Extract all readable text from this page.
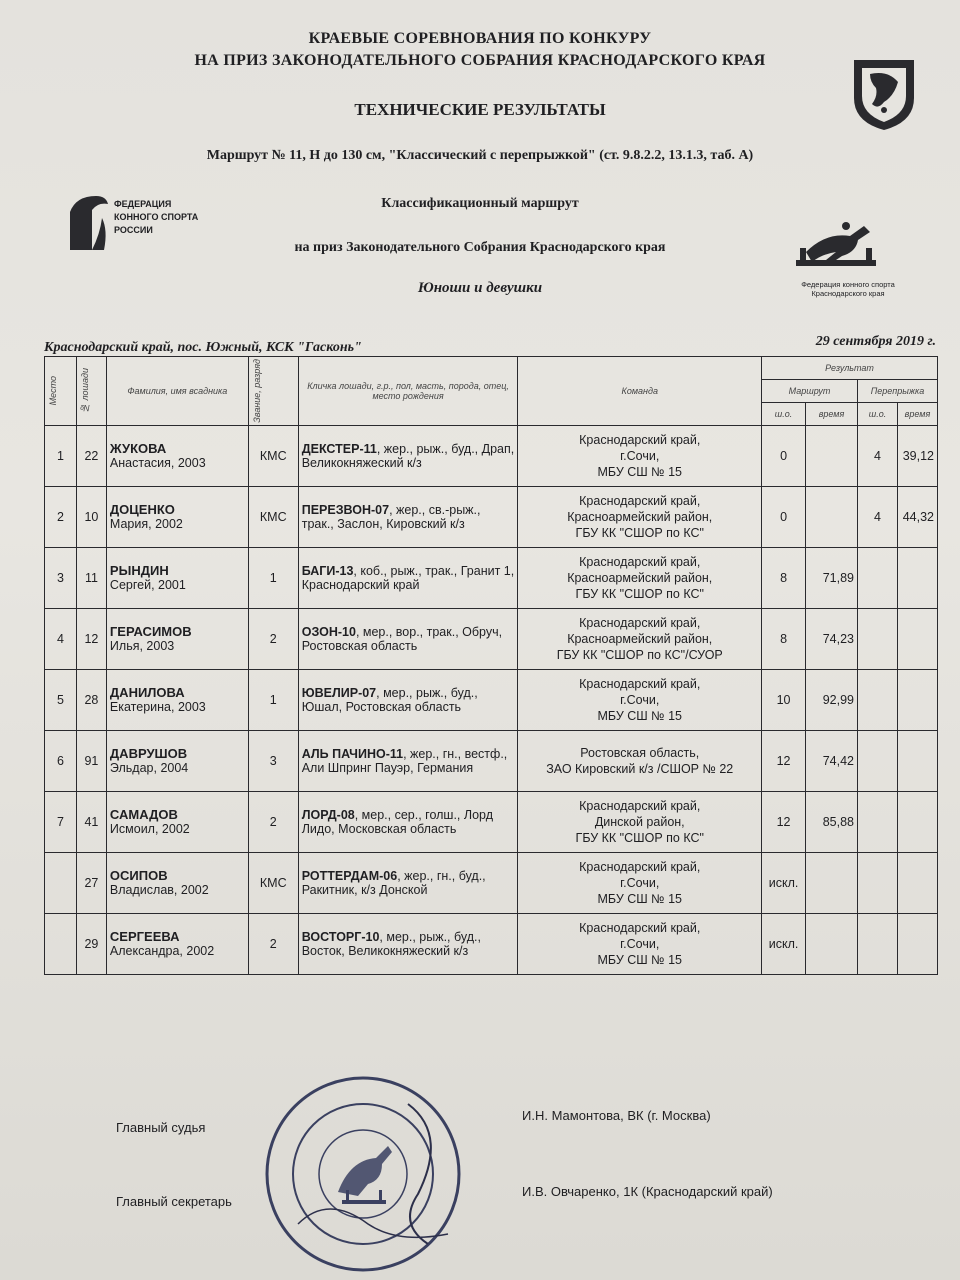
КРАЕВЫЕ СОРЕВНОВАНИЯ ПО КОНКУРУ
НА ПРИЗ ЗАКОНОДАТЕЛЬНОГО СОБРАНИЯ КРАСНОДАРСКОГО КРАЯ
ТЕХНИЧЕСКИЕ РЕЗУЛЬТАТЫ
Маршрут № 11, Н до 130 см, "Классический с перепрыжкой" (ст. 9.8.2.2, 13.1.3, таб. А)
Классификационный маршрут
на приз Законодательного Собрания Краснодарского края
Юноши и девушки
ФЕДЕРАЦИЯ
КОННОГО СПОРТА
РОССИИ
Федерация конного спорта
Краснодарского края
Краснодарский край, пос. Южный, КСК "Гасконь"	29 сентября 2019 г.
Место	№ лошади	Фамилия, имя всадника	Звание, разряд	Кличка лошади, г.р., пол, масть, порода, отец, место рождения	Команда	Результат			
						Маршрут		Перепрыжка	
						ш.о.	время	ш.о.	время
1	22	ЖУКОВА
Анастасия, 2003	КМС	ДЕКСТЕР-11, жер., рыж., буд., Драп, Великокняжеский к/з	Краснодарский край,
г.Сочи,
МБУ СШ № 15	0		4	39,12
2	10	ДОЦЕНКО
Мария, 2002	КМС	ПЕРЕЗВОН-07, жер., св.-рыж., трак., Заслон, Кировский к/з	Краснодарский край,
Красноармейский район,
ГБУ КК "СШОР по КС"	0		4	44,32
3	11	РЫНДИН
Сергей, 2001	1	БАГИ-13, коб., рыж., трак., Гранит 1, Краснодарский край	Краснодарский край,
Красноармейский район,
ГБУ КК "СШОР по КС"	8	71,89		
4	12	ГЕРАСИМОВ
Илья, 2003	2	ОЗОН-10, мер., вор., трак., Обруч, Ростовская область	Краснодарский край,
Красноармейский район,
ГБУ КК "СШОР по КС"/СУОР	8	74,23		
5	28	ДАНИЛОВА
Екатерина, 2003	1	ЮВЕЛИР-07, мер., рыж., буд., Юшал, Ростовская область	Краснодарский край,
г.Сочи,
МБУ СШ № 15	10	92,99		
6	91	ДАВРУШОВ
Эльдар, 2004	3	АЛЬ ПАЧИНО-11, жер., гн., вестф., Али Шпринг Пауэр, Германия	Ростовская область,
ЗАО Кировский к/з /СШОР № 22	12	74,42		
7	41	САМАДОВ
Исмоил, 2002	2	ЛОРД-08, мер., сер., голш., Лорд Лидо, Московская область	Краснодарский край,
Динской район,
ГБУ КК "СШОР по КС"	12	85,88		
	27	ОСИПОВ
Владислав, 2002	КМС	РОТТЕРДАМ-06, жер., гн., буд., Ракитник, к/з Донской	Краснодарский край,
г.Сочи,
МБУ СШ № 15	искл.			
	29	СЕРГЕЕВА
Александра, 2002	2	ВОСТОРГ-10, мер., рыж., буд., Восток, Великокняжеский к/з	Краснодарский край,
г.Сочи,
МБУ СШ № 15	искл.			
Главный судья
И.Н. Мамонтова, ВК (г. Москва)
Главный секретарь
И.В. Овчаренко, 1К (Краснодарский край)
